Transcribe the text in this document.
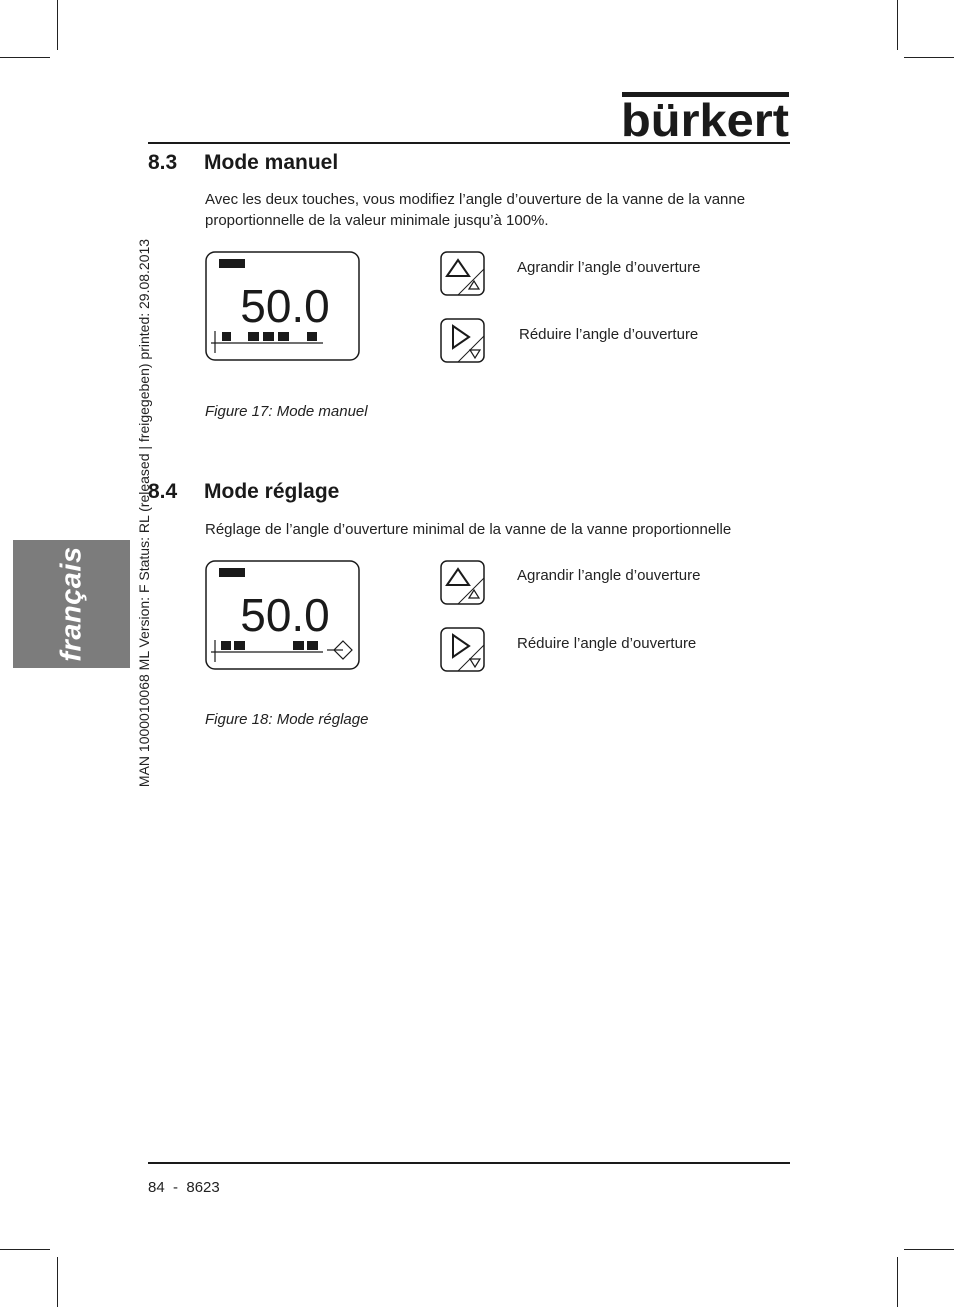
bürkert
français	MAN 1000010068 ML Version: F Status: RL (released | freigegeben) printed: 29.08.2013
8.3 Mode manuel
Avec les deux touches, vous modifiez l’angle d’ouverture de la vanne de la vanne proportionnelle de la valeur minimale jusqu’à 100%.
50.0
Agrandir l’angle d’ouverture
Réduire l’angle d’ouverture
Figure 17: Mode manuel
8.4 Mode réglage
Réglage de l’angle d’ouverture minimal de la vanne de la vanne proportionnelle
50.0
Agrandir l’angle d’ouverture
Réduire l’angle d’ouverture
Figure 18: Mode réglage
84  -  8623
